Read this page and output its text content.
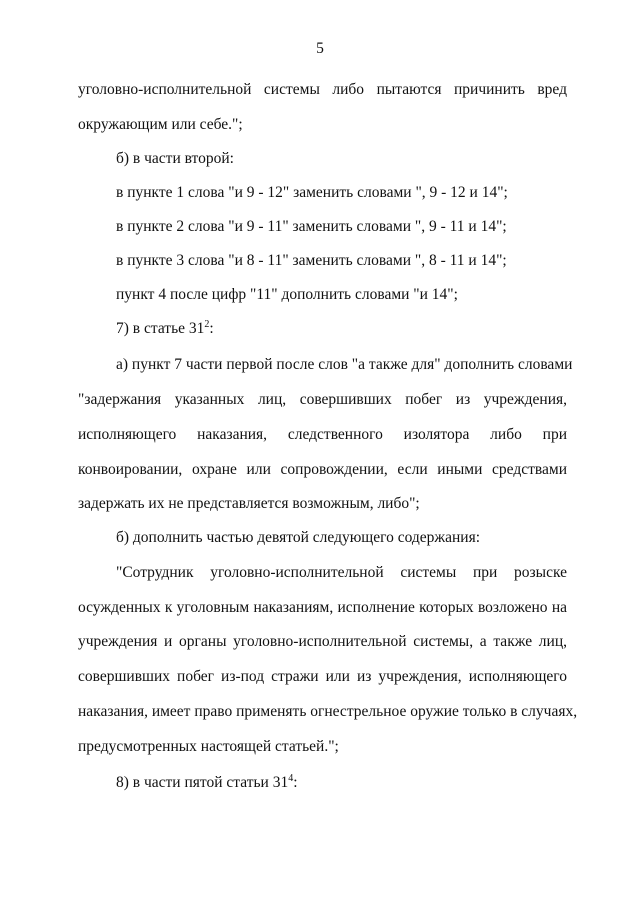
5
уголовно-исполнительной системы либо пытаются причинить вред
окружающим или себе.";
б) в части второй:
в пункте 1 слова "и 9 - 12" заменить словами ", 9 - 12 и 14";
в пункте 2 слова "и 9 - 11" заменить словами ", 9 - 11 и 14";
в пункте 3 слова "и 8 - 11" заменить словами ", 8 - 11 и 14";
пункт 4 после цифр "11" дополнить словами "и 14";
7) в статье $31^2$:
а) пункт 7 части первой после слов "а также для" дополнить словами
"задержания указанных лиц, совершивших побег из учреждения,
исполняющего наказания, следственного изолятора либо при
конвоировании, охране или сопровождении, если иными средствами
задержать их не представляется возможным, либо";
б) дополнить частью девятой следующего содержания:
"Сотрудник уголовно-исполнительной системы при розыске
осужденных к уголовным наказаниям, исполнение которых возложено на
учреждения и органы уголовно-исполнительной системы, а также лиц,
совершивших побег из-под стражи или из учреждения, исполняющего
наказания, имеет право применять огнестрельное оружие только в случаях,
предусмотренных настоящей статьей.";
8) в части пятой статьи $31^4$:
